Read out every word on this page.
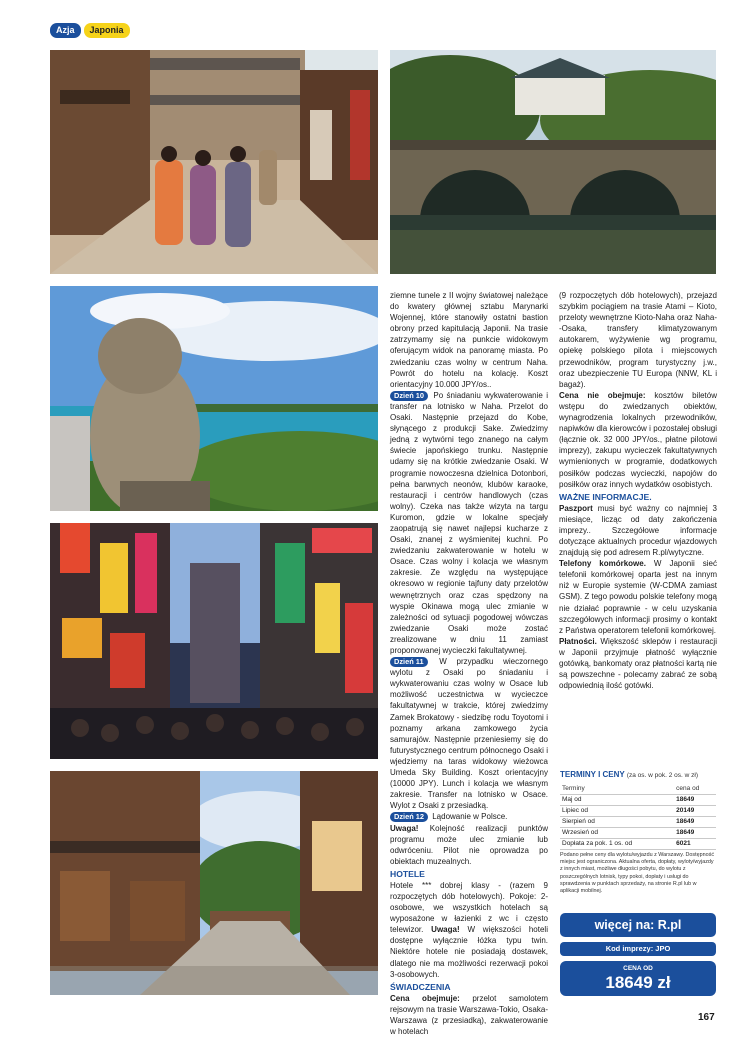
Azja	Japonia

ziemne tunele z II wojny światowej należące do kwatery głównej sztabu Marynarki Wojennej, które stanowiły ostatni bastion obrony przed kapitulacją Japonii. Na trasie zatrzymamy się na punkcie widokowym oferującym widok na panoramę miasta. Po zwiedzaniu czas wolny w centrum Naha. Powrót do hotelu na kolację. Koszt orientacyjny 10.000 JPY/os..

Dzień 10 Po śniadaniu wykwaterowanie i transfer na lotnisko w Naha. Przelot do Osaki. Następnie przejazd do Kobe, słynącego z produkcji Sake. Zwiedzimy jedną z wytwórni tego znanego na całym świecie japońskiego trunku. Następnie udamy się na krótkie zwiedzanie Osaki. W programie nowoczesna dzielnica Dotonbori, pełna barwnych neonów, klubów karaoke, restauracji i centrów handlowych (czas wolny). Czeka nas także wizyta na targu Kuromon, gdzie w lokalne specjały zaopatrują się nawet najlepsi kucharze z Osaki, znanej z wyśmienitej kuchni. Po zwiedzaniu zakwaterowanie w hotelu w Osace. Czas wolny i kolacja we własnym zakresie. Ze względu na występujące okresowo w regionie tajfuny daty przelotów wewnętrznych oraz czas spędzony na wyspie Okinawa mogą ulec zmianie w zależności od sytuacji pogodowej wówczas zwiedzanie Osaki może zostać zrealizowane w dniu 11 zamiast proponowanej wycieczki fakultatywnej.

Dzień 11 W przypadku wieczornego wylotu z Osaki po śniadaniu i wykwaterowaniu czas wolny w Osace lub możliwość uczestnictwa w wycieczce fakultatywnej w trakcie, której zwiedzimy Zamek Brokatowy - siedzibę rodu Toyotomi i poznamy arkana zamkowego życia samurajów. Następnie przeniesiemy się do futurystycznego centrum północnego Osaki i wjedziemy na taras widokowy wieżowca Umeda Sky Building. Koszt orientacyjny (10000 JPY). Lunch i kolacja we własnym zakresie. Transfer na lotnisko w Osace. Wylot z Osaki z przesiadką.

Dzień 12 Lądowanie w Polsce.

Uwaga! Kolejność realizacji punktów programu może ulec zmianie lub odwróceniu. Pilot nie oprowadza po obiektach muzealnych.

HOTELE

Hotele *** dobrej klasy - (razem 9 rozpoczętych dób hotelowych). Pokoje: 2-osobowe, we wszystkich hotelach są wyposażone w łazienki z wc i często telewizor. Uwaga! W większości hoteli dostępne wyłącznie łóżka typu twin. Niektóre hotele nie posiadają dostawek, dlatego nie ma możliwości rezerwacji pokoi 3-osobowych.

ŚWIADCZENIA

Cena obejmuje: przelot samolotem rejsowym na trasie Warszawa-Tokio, Osaka-Warszawa (z przesiadką), zakwaterowanie w hotelach

(9 rozpoczętych dób hotelowych), przejazd szybkim pociągiem na trasie Atami – Kioto, przeloty wewnętrzne Kioto-Naha oraz Naha--Osaka, transfery klimatyzowanym autokarem, wyżywienie wg programu, opiekę polskiego pilota i miejscowych przewodników, program turystyczny j.w., oraz ubezpieczenie TU Europa (NNW, KL i bagaż).

Cena nie obejmuje: kosztów biletów wstępu do zwiedzanych obiektów, wynagrodzenia lokalnych przewodników, napiwków dla kierowców i pozostałej obsługi (łącznie ok. 32 000 JPY/os., płatne pilotowi imprezy), zakupu wycieczek fakultatywnych wymienionych w programie, dodatkowych posiłków podczas wycieczki, napojów do posiłków oraz innych wydatków osobistych.

WAŻNE INFORMACJE.

Paszport musi być ważny co najmniej 3 miesiące, licząc od daty zakończenia imprezy.. Szczegółowe informacje dotyczące aktualnych procedur wjazdowych znajdują się pod adresem R.pl/wytyczne.

Telefony komórkowe. W Japonii sieć telefonii komórkowej oparta jest na innym niż w Europie systemie (W-CDMA zamiast GSM). Z tego powodu polskie telefony mogą nie działać poprawnie - w celu uzyskania szczegółowych informacji prosimy o kontakt z Państwa operatorem telefonii komórkowej.

Płatności. Większość sklepów i restauracji w Japonii przyjmuje płatność wyłącznie gotówką, bankomaty oraz płatności kartą nie są powszechne - polecamy zabrać ze sobą odpowiednią ilość gotówki.

TERMINY I CENY (za os. w pok. 2 os. w zł)
Terminy	cena od
Maj od	18649
Lipiec od	20149
Sierpień od	18649
Wrzesień od	18649
Dopłata za pok. 1 os. od	6021
Podano pełne ceny dla wylotu/wyjazdu z Warszawy. Dostępność miejsc jest ograniczona. Aktualna oferta, dopłaty, wyloty/wyjazdy z innych miast, możliwe długości pobytu, do wylotu z poszczególnych lotnisk, typy pokoi, dopłaty i usługi do sprawdzenia w punktach sprzedaży, na stronie R.pl lub w aplikacji mobilnej.
więcej na: R.pl
Kod imprezy: JPO
CENA OD
18649 zł
167
